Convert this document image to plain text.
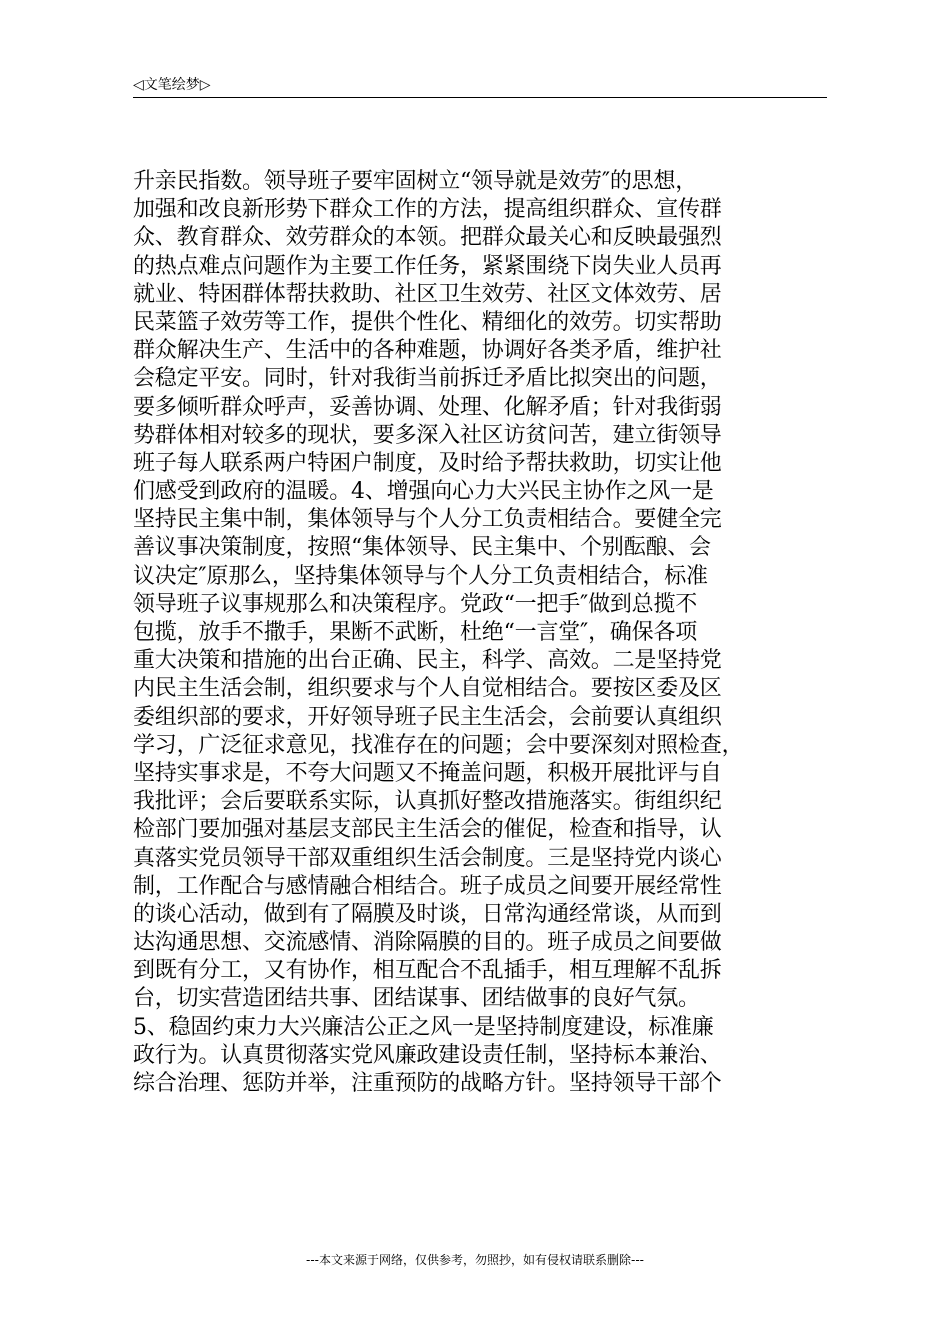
◁文笔绘梦▷
升亲民指数。领导班子要牢固树立“领导就是效劳″的思想，
加强和改良新形势下群众工作的方法，提高组织群众、宣传群
众、教育群众、效劳群众的本领。把群众最关心和反映最强烈
的热点难点问题作为主要工作任务，紧紧围绕下岗失业人员再
就业、特困群体帮扶救助、社区卫生效劳、社区文体效劳、居
民菜篮子效劳等工作，提供个性化、精细化的效劳。切实帮助
群众解决生产、生活中的各种难题，协调好各类矛盾，维护社
会稳定平安。同时，针对我街当前拆迁矛盾比拟突出的问题，
要多倾听群众呼声，妥善协调、处理、化解矛盾；针对我街弱
势群体相对较多的现状，要多深入社区访贫问苦，建立街领导
班子每人联系两户特困户制度，及时给予帮扶救助，切实让他
们感受到政府的温暖。4、增强向心力大兴民主协作之风一是
坚持民主集中制，集体领导与个人分工负责相结合。要健全完
善议事决策制度，按照“集体领导、民主集中、个别酝酿、会
议决定″原那么，坚持集体领导与个人分工负责相结合，标准
领导班子议事规那么和决策程序。党政“一把手″做到总揽不
包揽，放手不撒手，果断不武断，杜绝“一言堂″，确保各项
重大决策和措施的出台正确、民主，科学、高效。二是坚持党
内民主生活会制，组织要求与个人自觉相结合。要按区委及区
委组织部的要求，开好领导班子民主生活会，会前要认真组织
学习，广泛征求意见，找准存在的问题；会中要深刻对照检查，
坚持实事求是，不夸大问题又不掩盖问题，积极开展批评与自
我批评；会后要联系实际，认真抓好整改措施落实。街组织纪
检部门要加强对基层支部民主生活会的催促，检查和指导，认
真落实党员领导干部双重组织生活会制度。三是坚持党内谈心
制，工作配合与感情融合相结合。班子成员之间要开展经常性
的谈心活动，做到有了隔膜及时谈，日常沟通经常谈，从而到
达沟通思想、交流感情、消除隔膜的目的。班子成员之间要做
到既有分工，又有协作，相互配合不乱插手，相互理解不乱拆
台，切实营造团结共事、团结谋事、团结做事的良好气氛。
5、稳固约束力大兴廉洁公正之风一是坚持制度建设，标准廉
政行为。认真贯彻落实党风廉政建设责任制，坚持标本兼治、
综合治理、惩防并举，注重预防的战略方针。坚持领导干部个
---本文来源于网络，仅供参考，勿照抄，如有侵权请联系删除---
